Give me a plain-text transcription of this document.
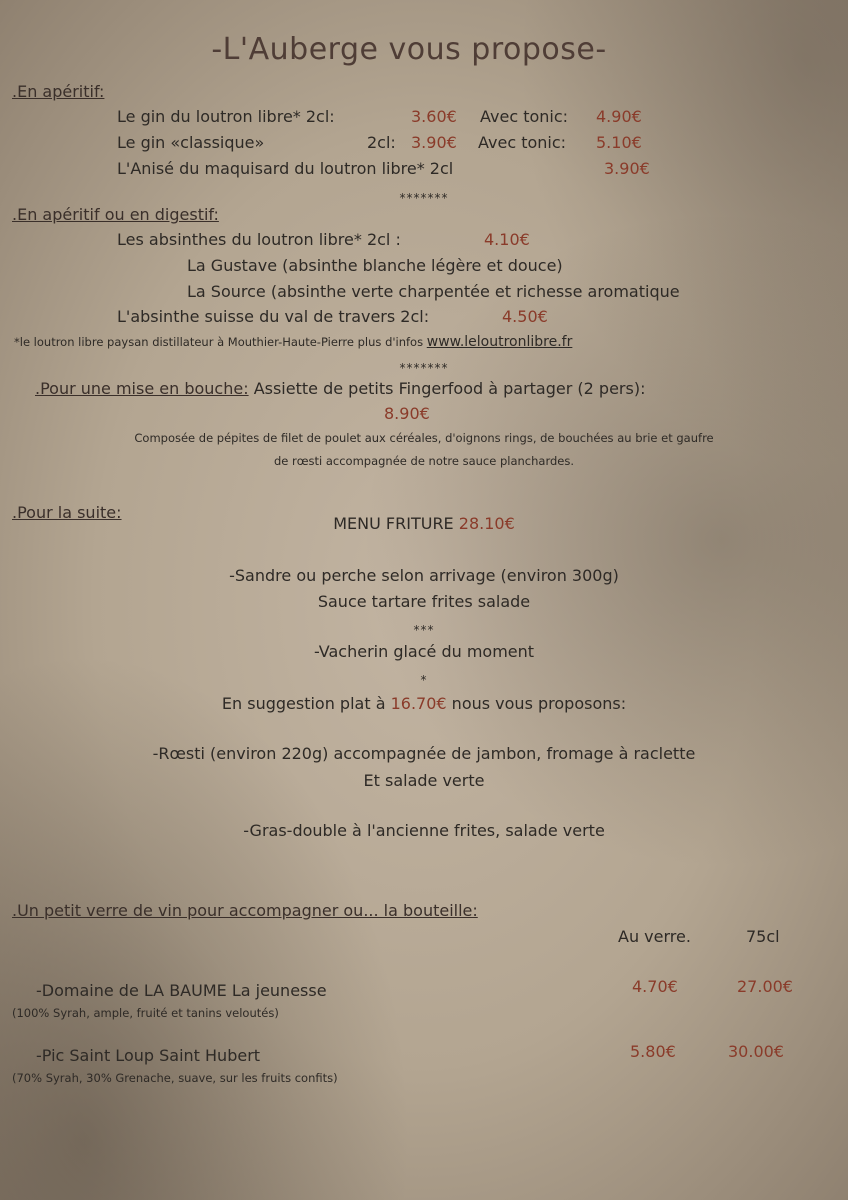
-L'Auberge vous propose-
.En apéritif:
Le gin du loutron libre* 2cl:	3.60€ Avec tonic: 4.90€
Le gin «classique»	2cl: 3.90€ Avec tonic: 5.10€
L'Anisé du maquisard du loutron libre* 2cl	3.90€
*******
.En apéritif ou en digestif:
Les absinthes du loutron libre* 2cl :	4.10€
La Gustave (absinthe blanche légère et douce)
La Source (absinthe verte charpentée et richesse aromatique
L'absinthe suisse du val de travers 2cl:	4.50€
*le loutron libre paysan distillateur à Mouthier-Haute-Pierre plus d'infos www.leloutronlibre.fr
*******
.Pour une mise en bouche: Assiette de petits Fingerfood à partager (2 pers):
8.90€
Composée de pépites de filet de poulet aux céréales, d'oignons rings, de bouchées au brie et gaufre
de rœsti accompagnée de notre sauce planchardes.
.Pour la suite:
MENU FRITURE 28.10€
-Sandre ou perche selon arrivage (environ 300g)
Sauce tartare frites salade
***
-Vacherin glacé du moment
*
En suggestion plat à 16.70€ nous vous proposons:
-Rœsti (environ 220g) accompagnée de jambon, fromage à raclette
Et salade verte
-Gras-double à l'ancienne frites, salade verte
.Un petit verre de vin pour accompagner ou... la bouteille:
Au verre.	75cl
-Domaine de LA BAUME La jeunesse	4.70€	27.00€
(100% Syrah, ample, fruité et tanins veloutés)
-Pic Saint Loup Saint Hubert	5.80€	30.00€
(70% Syrah, 30% Grenache, suave, sur les fruits confits)
